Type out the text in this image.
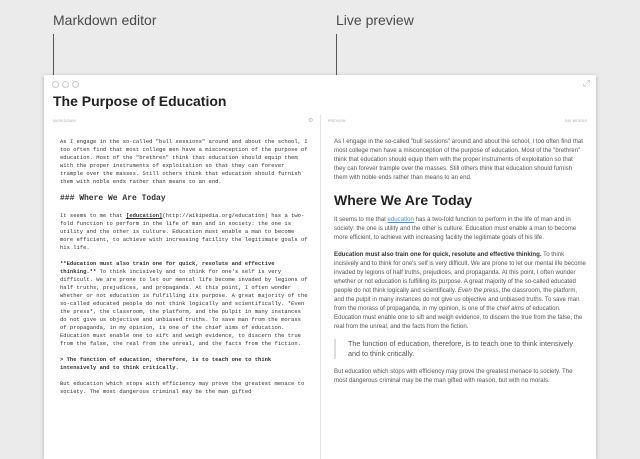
Markdown editor	Live preview
⤢
The Purpose of Education
MARKDOWN	⚙	PREVIEW	540 WORDS

As I engage in the so-called "bull sessions" around and about the school, I too often find that most college men have a misconception of the purpose of education. Most of the "brethren" think that education should equip them with the proper instruments of exploitation so that they can forever trample over the masses. Still others think that education should furnish them with noble ends rather than means to an end.

### Where We Are Today

It seems to me that [education](http://wikipedia.org/education) has a two-fold function to perform in the life of man and in society: the one is utility and the other is culture. Education must enable a man to become more efficient, to achieve with increasing facility the legitimate goals of his life.

**Education must also train one for quick, resolute and effective thinking.** To think incisively and to think for one's self is very difficult. We are prone to let our mental life become invaded by legions of half truths, prejudices, and propaganda. At this point, I often wonder whether or not education is fulfilling its purpose. A great majority of the so-called educated people do not think logically and scientifically. *Even the press*, the classroom, the platform, and the pulpit in many instances do not give us objective and unbiased truths. To save man from the morass of propaganda, in my opinion, is one of the chief aims of education. Education must enable one to sift and weigh evidence, to discern the true from the false, the real from the unreal, and the facts from the fiction.

> The function of education, therefore, is to teach one to think intensively and to think critically.

But education which stops with efficiency may prove the greatest menace to society. The most dangerous criminal may be the man gifted

As I engage in the so-called "bull sessions" around and about the school, I too often find that most college men have a misconception of the purpose of education. Most of the "brethren" think that education should equip them with the proper instruments of exploitation so that they can forever trample over the masses. Still others think that education should furnish them with noble ends rather than means to an end.

Where We Are Today

It seems to me that education has a two-fold function to perform in the life of man and in society: the one is utility and the other is culture. Education must enable a man to become more efficient, to achieve with increasing facility the legitimate goals of his life.

Education must also train one for quick, resolute and effective thinking. To think incisively and to think for one's self is very difficult. We are prone to let our mental life become invaded by legions of half truths, prejudices, and propaganda. At this point, I often wonder whether or not education is fulfilling its purpose. A great majority of the so-called educated people do not think logically and scientifically. Even the press, the classroom, the platform, and the pulpit in many instances do not give us objective and unbiased truths. To save man from the morass of propaganda, in my opinion, is one of the chief aims of education. Education must enable one to sift and weigh evidence, to discern the true from the false, the real from the unreal, and the facts from the fiction.

The function of education, therefore, is to teach one to think intensively and to think critically.

But education which stops with efficiency may prove the greatest menace to society. The most dangerous criminal may be the man gifted with reason, but with no morals.
